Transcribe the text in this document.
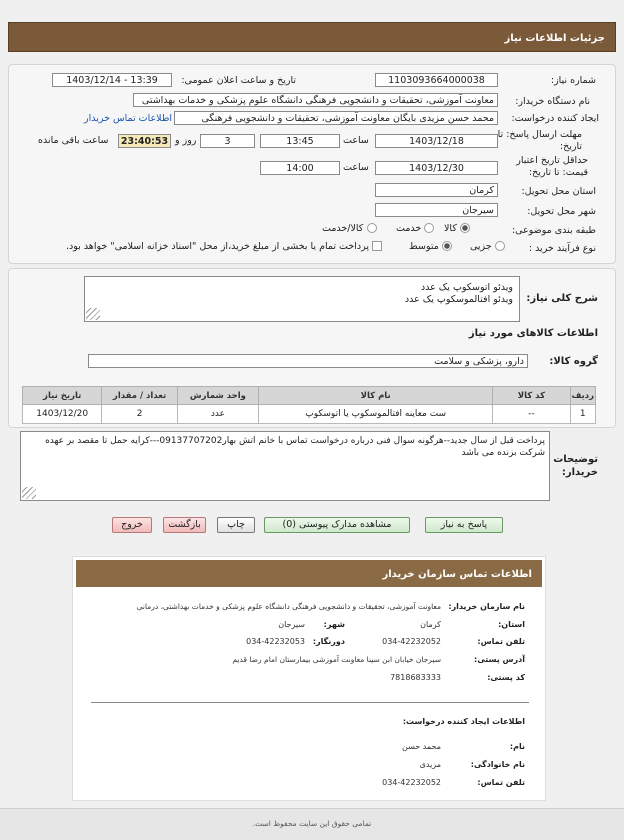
جزئیات اطلاعات نیاز
شماره نیاز:
1103093664000038
تاریخ و ساعت اعلان عمومی:
1403/12/14 - 13:39
نام دستگاه خریدار:
معاونت آموزشی، تحقیقات و دانشجویی فرهنگی دانشگاه علوم پزشکی و خدمات بهداشتی
ایجاد کننده درخواست:
محمد حسن مزیدی بایگان معاونت آموزشی، تحقیقات و دانشجویی فرهنگی
اطلاعات تماس خریدار
مهلت ارسال پاسخ: تا تاریخ:
1403/12/18
ساعت
13:45
3
روز و
23:40:53
ساعت باقی مانده
حداقل تاریخ اعتبار قیمت: تا تاریخ:
1403/12/30
ساعت
14:00
استان محل تحویل:
کرمان
شهر محل تحویل:
سیرجان
طبقه بندی موضوعی:
کالا
خدمت
کالا/خدمت
نوع فرآیند خرید :
جزیی
متوسط
پرداخت تمام یا بخشی از مبلغ خرید،از محل "اسناد خزانه اسلامی" خواهد بود.
شرح کلی نیاز:
ویدئو اتوسکوپ یک عدد
ویدئو افتالموسکوپ یک عدد
اطلاعات کالاهای مورد نیاز
گروه کالا:
دارو، پزشکی و سلامت
ردیف	کد کالا	نام کالا	واحد شمارش	تعداد / مقدار	تاریخ نیاز
1	--	ست معاینه افتالموسکوپ یا اتوسکوپ	عدد	2	1403/12/20
توضیحات خریدار:
پرداخت قبل از سال جدید--هرگونه سوال فنی درباره درخواست تماس با خانم اتش بهار09137707202---کرایه حمل تا مقصد بر عهده شرکت برنده می باشد
پاسخ به نیاز
مشاهده مدارک پیوستی (0)
چاپ
بازگشت
خروج
اطلاعات تماس سازمان خریدار
نام سازمان خریدار:
معاونت آموزشی، تحقیقات و دانشجویی فرهنگی دانشگاه علوم پزشکی و خدمات بهداشتی، درمانی
استان:
کرمان
شهر:
سیرجان
تلفن تماس:
034-42232052
دورنگار:
034-42232053
آدرس پستی:
سیرجان خیابان ابن سینا معاونت آموزشی بیمارستان امام رضا قدیم
کد پستی:
7818683333
اطلاعات ایجاد کننده درخواست:
نام:
محمد حسن
نام خانوادگی:
مزیدی
تلفن تماس:
034-42232052
تمامی حقوق این سایت محفوظ است.
